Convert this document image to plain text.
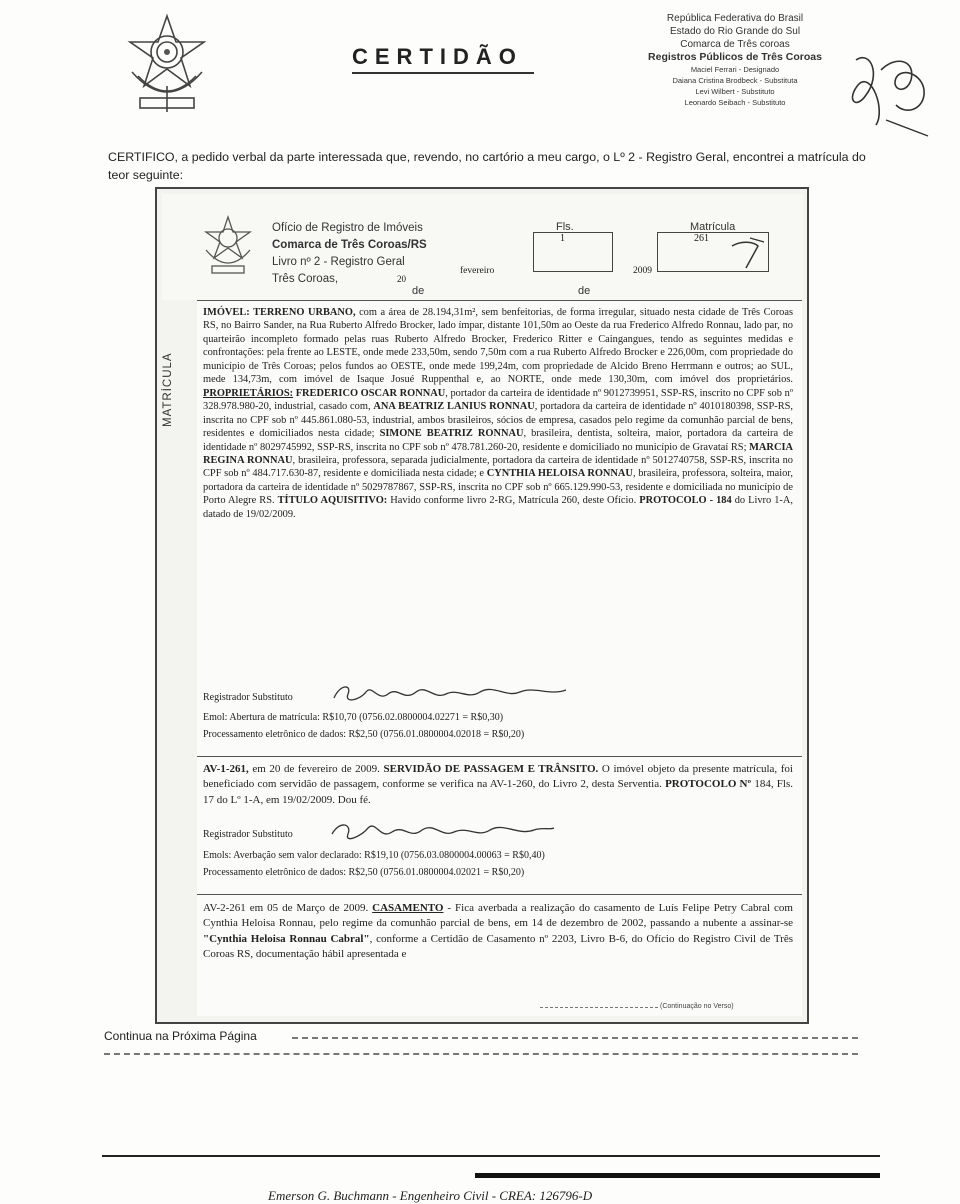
CERTIDÃO
República Federativa do Brasil
Estado do Rio Grande do Sul
Comarca de Três coroas
Registros Públicos de Três Coroas
Maciel Ferrari - Designado
Daiana Cristina Brodbeck - Substituta
Levi Wilbert - Substituto
Leonardo Seibach - Substituto
CERTIFICO, a pedido verbal da parte interessada que, revendo, no cartório a meu cargo, o Lº 2 - Registro Geral, encontrei a matrícula do teor seguinte:
MATRÍCULA
Ofício de Registro de Imóveis
Comarca de Três Coroas/RS
Livro nº 2 - Registro Geral
Três Coroas,	20
de
fevereiro
de
2009
Fls.
1
Matrícula
261

IMÓVEL: TERRENO URBANO, com a área de 28.194,31m², sem benfeitorias, de forma irregular, situado nesta cidade de Três Coroas RS, no Bairro Sander, na Rua Ruberto Alfredo Brocker, lado ímpar, distante 101,50m ao Oeste da rua Frederico Alfredo Ronnau, lado par, no quarteirão incompleto formado pelas ruas Ruberto Alfredo Brocker, Frederico Ritter e Caingangues, tendo as seguintes medidas e confrontações: pela frente ao LESTE, onde mede 233,50m, sendo 7,50m com a rua Ruberto Alfredo Brocker e 226,00m, com propriedade do município de Três Coroas; pelos fundos ao OESTE, onde mede 199,24m, com propriedade de Alcido Breno Herrmann e outros; ao SUL, mede 134,73m, com imóvel de Isaque Josué Ruppenthal e, ao NORTE, onde mede 130,30m, com imóvel dos proprietários. PROPRIETÁRIOS: FREDERICO OSCAR RONNAU, portador da carteira de identidade nº 9012739951, SSP-RS, inscrito no CPF sob nº 328.978.980-20, industrial, casado com, ANA BEATRIZ LANIUS RONNAU, portadora da carteira de identidade nº 4010180398, SSP-RS, inscrita no CPF sob nº 445.861.080-53, industrial, ambos brasileiros, sócios de empresa, casados pelo regime da comunhão parcial de bens, residentes e domiciliados nesta cidade; SIMONE BEATRIZ RONNAU, brasileira, dentista, solteira, maior, portadora da carteira de identidade nº 8029745992, SSP-RS, inscrita no CPF sob nº 478.781.260-20, residente e domiciliado no município de Gravataí RS; MARCIA REGINA RONNAU, brasileira, professora, separada judicialmente, portadora da carteira de identidade nº 5012740758, SSP-RS, inscrita no CPF sob nº 484.717.630-87, residente e domiciliada nesta cidade; e CYNTHIA HELOISA RONNAU, brasileira, professora, solteira, maior, portadora da carteira de identidade nº 5029787867, SSP-RS, inscrita no CPF sob nº 665.129.990-53, residente e domiciliada no município de Porto Alegre RS. TÍTULO AQUISITIVO: Havido conforme livro 2-RG, Matrícula 260, deste Ofício. PROTOCOLO - 184 do Livro 1-A, datado de 19/02/2009.

Registrador Substituto
Emol: Abertura de matrícula: R$10,70 (0756.02.0800004.02271 = R$0,30)
Processamento eletrônico de dados: R$2,50 (0756.01.0800004.02018 = R$0,20)

AV-1-261, em 20 de fevereiro de 2009. SERVIDÃO DE PASSAGEM E TRÂNSITO. O imóvel objeto da presente matrícula, foi beneficiado com servidão de passagem, conforme se verifica na AV-1-260, do Livro 2, desta Serventia. PROTOCOLO Nº 184, Fls. 17 do Lº 1-A, em 19/02/2009. Dou fé.

Registrador Substituto
Emols: Averbação sem valor declarado: R$19,10 (0756.03.0800004.00063 = R$0,40)
Processamento eletrônico de dados: R$2,50 (0756.01.0800004.02021 = R$0,20)

AV-2-261 em 05 de Março de 2009. CASAMENTO - Fica averbada a realização do casamento de Luís Felipe Petry Cabral com Cynthia Heloisa Ronnau, pelo regime da comunhão parcial de bens, em 14 de dezembro de 2002, passando a nubente a assinar-se "Cynthia Heloisa Ronnau Cabral", conforme a Certidão de Casamento nº 2203, Livro B-6, do Ofício do Registro Civil de Três Coroas RS, documentação hábil apresentada e

(Continuação no Verso)
Continua na Próxima Página
Emerson G. Buchmann - Engenheiro Civil - CREA: 126796-D
